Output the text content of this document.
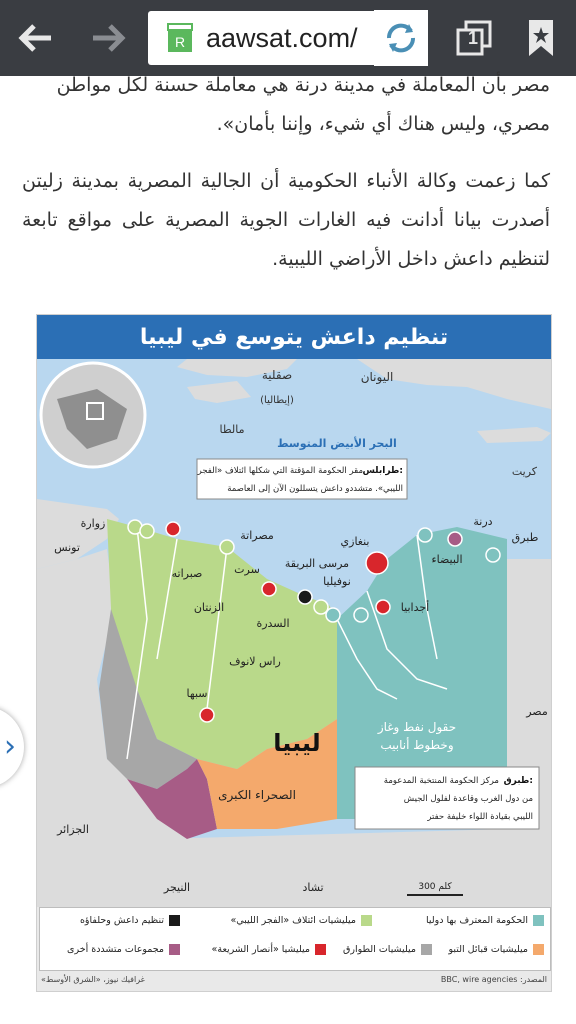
R aawsat.com/	1

مصر بأن المعاملة في مدينة درنة هي معاملة حسنة لكل مواطن
مصري، وليس هناك أي شيء، وإننا بأمان».

كما زعمت وكالة الأنباء الحكومية أن الجالية المصرية بمدينة زليتن أصدرت بيانا أدانت فيه الغارات الجوية المصرية على مواقع تابعة لتنظيم داعش داخل الأراضي الليبية.

تنظيم داعش يتوسع في ليبيا
صقلية
(إيطاليا)
اليونان
مالطا
البحر الأبيض المتوسط
كريت
طرابلس:
مقر الحكومة المؤقتة التي شكلها ائتلاف «الفجر
الليبي». متشددو داعش يتسللون الآن إلى العاصمة
زوارة
تونس
صبراته
الزنتان
مصراتة
سرت
السدرة
راس لانوف
بنغازي
مرسى البريقة
نوفيليا
أجدابيا
درنة
طبرق
البيضاء
مصر
سبها
ليبيا
حقول نفط وغاز
وخطوط أنابيب
الصحراء الكبرى
الجزائر
النيجر	تشاد	300 كلم
طبرق:
مركز الحكومة المنتخبة المدعومة
من دول الغرب وقاعدة لفلول الجيش
الليبي بقيادة اللواء خليفة حفتر
الحكومة المعترف بها دوليا
ميليشيات ائتلاف «الفجر الليبي»
تنظيم داعش وحلفاؤه
ميليشيات قبائل التبو
ميليشيات الطوارق
ميليشيا «أنصار الشريعة»
مجموعات متشددة أخرى
المصدر: BBC, wire agencies
غرافيك نيوز، «الشرق الأوسط»
›
